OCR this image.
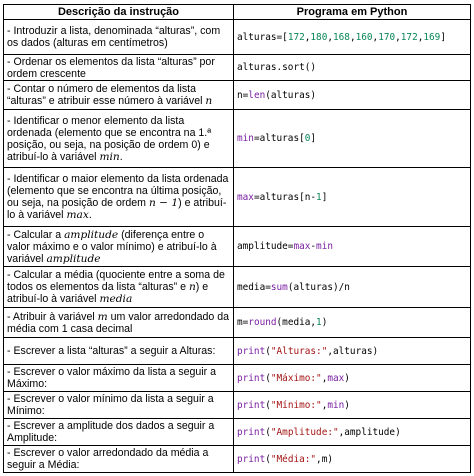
Descrição da instrução	Programa em Python
- Introduzir a lista, denominada “alturas”, com os dados (alturas em centímetros)	alturas=[172,180,168,160,170,172,169]
- Ordenar os elementos da lista “alturas” por ordem crescente	alturas.sort()
- Contar o número de elementos da lista “alturas” e atribuir esse número à variável n	n=len(alturas)
- Identificar o menor elemento da lista ordenada (elemento que se encontra na 1.ª posição, ou seja, na posição de ordem 0) e atribuí-lo à variável min.	min=alturas[0]
- Identificar o maior elemento da lista ordenada (elemento que se encontra na última posição, ou seja, na posição de ordem n − 1) e atribuí-lo à variável max.	max=alturas[n-1]
- Calcular a amplitude (diferença entre o valor máximo e o valor mínimo) e atribuí-lo à variável amplitude	amplitude=max-min
- Calcular a média (quociente entre a soma de todos os elementos da lista “alturas” e n) e atribuí-lo à variável media	media=sum(alturas)/n
- Atribuir à variável m um valor arredondado da média com 1 casa decimal	m=round(media,1)
- Escrever a lista “alturas” a seguir a Alturas:	print("Alturas:",alturas)
- Escrever o valor máximo da lista a seguir a Máximo:	print("Máximo:",max)
- Escrever o valor mínimo da lista a seguir a Mínimo:	print("Mínimo:",min)
- Escrever a amplitude dos dados a seguir a Amplitude:	print("Amplitude:",amplitude)
- Escrever o valor arredondado da média a seguir a Média:	print("Média:",m)
